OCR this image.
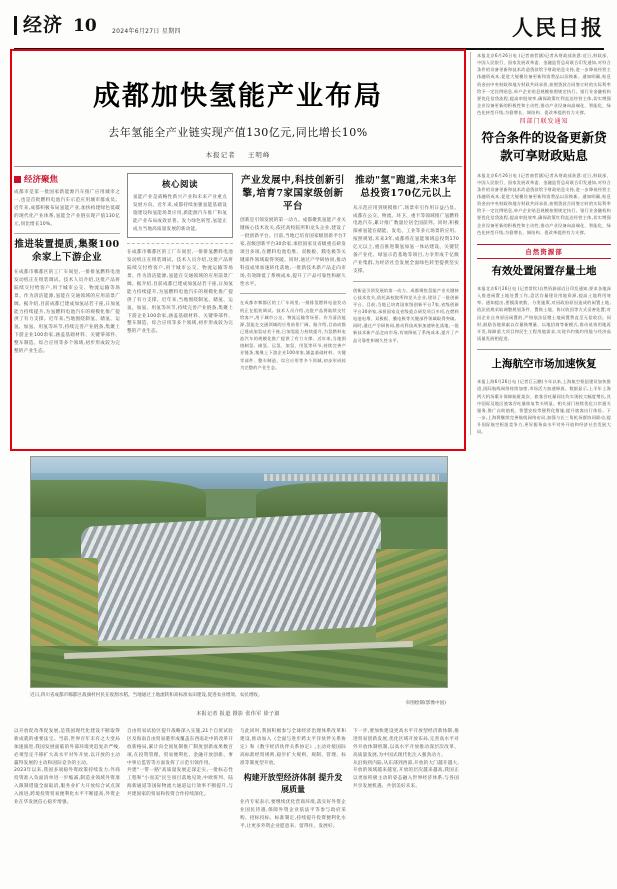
经济 10	2024年6月27日 星期四	人民日报
成都加快氢能产业布局
去年氢能全产业链实现产值130亿元,同比增长10%
本报记者 王明峰
经济聚焦
成都市是第一批国家新能源汽车推广应用城市之一,也是首批燃料电池汽车示范应用城市群成员。近年来,成都积极布局氢能产业,加快构建绿色低碳的现代化产业体系,氢能全产业链实现产值130亿元,同比增长10%。
推进装置提质,集聚100余家上下游企业
在成都市郫都区的工厂车间里,一排排氢燃料电池发动机正在组装调试。技术人员介绍,这批产品将陆续交付给客户,用于城市公交、物流运输等场景。作为清洁能源,氢能在交通领域的应用前景广阔。据介绍,目前成都已建成加氢站若干座,日加氢能力持续提升,为氢燃料电池汽车的规模化推广提供了有力支撑。近年来,当地围绕制氢、储氢、运氢、加氢、用氢等环节,持续完善产业链条,集聚上下游企业100余家,涵盖基础材料、关键零部件、整车制造、综合应用等多个领域,初步形成较为完整的产业生态。
核心阅读
氢能产业是战略性新兴产业和未来产业重点发展方向。近年来,成都持续加强氢能基础设施建设和氢能场景应用,新能源汽车推广和氢能产业布局成效显著。发力绿色转型,氢能正成为当地高质量发展的新动能。
在成都市郫都区的工厂车间里,一排排氢燃料电池发动机正在组装调试。技术人员介绍,这批产品将陆续交付给客户,用于城市公交、物流运输等场景。作为清洁能源,氢能在交通领域的应用前景广阔。据介绍,目前成都已建成加氢站若干座,日加氢能力持续提升,为氢燃料电池汽车的规模化推广提供了有力支撑。近年来,当地围绕制氢、储氢、运氢、加氢、用氢等环节,持续完善产业链条,集聚上下游企业100余家,涵盖基础材料、关键零部件、整车制造、综合应用等多个领域,初步形成较为完整的产业生态。
产业发展中,科技创新引擎,培育7家国家级创新平台
创新是引领发展的第一动力。成都聚焦氢能产业关键核心技术攻关,依托高校院所和龙头企业,建设了一批创新平台。目前,当地已培育国家级创新平台7家,省级创新平台30余家,承担国家及省级重点研发项目多项,在燃料电池电堆、双极板、膜电极等关键部件领域取得突破。同时,通过产学研协同,推动科技成果加速转化落地,一批新技术新产品走向市场,有效降低了系统成本,提升了产品可靠性和耐久性水平。
在成都市郫都区的工厂车间里,一排排氢燃料电池发动机正在组装调试。技术人员介绍,这批产品将陆续交付给客户,用于城市公交、物流运输等场景。作为清洁能源,氢能在交通领域的应用前景广阔。据介绍,目前成都已建成加氢站若干座,日加氢能力持续提升,为氢燃料电池汽车的规模化推广提供了有力支撑。近年来,当地围绕制氢、储氢、运氢、加氢、用氢等环节,持续完善产业链条,集聚上下游企业100余家,涵盖基础材料、关键零部件、整车制造、综合应用等多个领域,初步形成较为完整的产业生态。
推动"氢"跑道,未来3年总投资170亿元以上
从示范应用到规模推广,场景牵引作用日益凸显。成都在公交、物流、环卫、重卡等领域推广氢燃料电池汽车,累计推广数量位居全国前列。同时,积极探索氢能在储能、发电、工业等多元场景的应用。按照规划,未来3年,成都将在氢能领域总投资170亿元以上,重点推进制氢加氢一体站建设、关键装备产业化、绿氢示范基地等项目,力争形成千亿级产业集群,为经济社会发展全面绿色转型提供坚实支撑。
创新是引领发展的第一动力。成都聚焦氢能产业关键核心技术攻关,依托高校院所和龙头企业,建设了一批创新平台。目前,当地已培育国家级创新平台7家,省级创新平台30余家,承担国家及省级重点研发项目多项,在燃料电池电堆、双极板、膜电极等关键部件领域取得突破。同时,通过产学研协同,推动科技成果加速转化落地,一批新技术新产品走向市场,有效降低了系统成本,提升了产品可靠性和耐久性水平。
近日,四川省成都市郫都区战旗村村民在收割水稻。当地通过土地流转和高标准农田建设,促进农业增效、农民增收。
牵图绘制(影像中国)
本报记者 报道 摄影 张伟军 徐子淑
以开放促改革促发展,是我国现代化建设不断取得新成就的重要法宝。当前,世界百年未有之大变局加速演进,我国发展面临的外部环境更趋复杂严峻,必须坚定不移扩大高水平对外开放,以开放的主动赢得发展的主动和国际竞争的主动。
2023年以来,我国多项稳外资政策持续发力,外商投资准入负面清单进一步缩减,制造业领域外资准入限制措施全面取消,服务业扩大开放综合试点深入推进,跨境投资贸易便利化水平不断提高,外资企业在华发展信心稳步增强。
自由贸易试验区提升战略深入实施,21个自贸试验区及海南自由贸易港形成覆盖东西南北中的改革开放新格局,累计向全国复制推广制度创新成果数百项,在投资管理、贸易便利化、金融开放创新、事中事后监管等方面发挥了示范引领作用。
共建"一带一路"高质量发展走深走实,一批标志性工程和"小而美"民生项目落地见效,中欧班列、陆海新通道等国际物流大通道运行效率不断提升,与共建国家的贸易和投资合作持续深化。
与此同时,我国积极参与全球经济治理体系改革和建设,推动加入《全面与进步跨太平洋伙伴关系协定》和《数字经济伙伴关系协定》,主动对接国际高标准经贸规则,稳步扩大规则、规制、管理、标准等制度型开放。
构建开放型经济体制 提升发展质量
业内专家表示,要继续优化营商环境,落实好外资企业国民待遇,保障外资企业依法平等参与政府采购、招标投标、标准制定,持续提升投资便利化水平,让更多外资企业愿意来、留得住、发展好。
下一步,要加快建设更高水平开放型经济新体制,推进贸易创新发展,优化区域开放布局,完善高水平对外开放体制机制,以高水平开放推动深层次改革、高质量发展,为中国式现代化注入强劲动力。
从沿海到内陆,从东部到西部,开放的大门越开越大,开放的领域越来越宽,开放的层次越来越高,我国正以更加积极主动的姿态融入世界经济体系,与各国共享发展机遇、共创美好未来。
本报北京6月26日电 (记者曲哲涵)记者从财政部获悉:近日,财政部、中国人民银行、国家发展改革委、金融监管总局联合印发通知,对符合条件的设备更新和技术改造贷款给予财政贴息支持,进一步降低经营主体融资成本,促进大规模设备更新和消费品以旧换新。通知明确,贴息资金由中央财政和地方财政共同承担,按照贷款合同签订时的实际利率给予一定比例贴息,单户企业贴息规模按照规定执行。银行业金融机构要优化信贷流程,提高审批效率,确保政策红利直达经营主体,切实增强企业设备更新的积极性和主动性,推动产业设备向高端化、智能化、绿色化转型升级,为稳增长、调结构、促改革提供有力支撑。
四部门联发通知
符合条件的设备更新贷款可享财政贴息
本报北京6月26日电 (记者曲哲涵)记者从财政部获悉:近日,财政部、中国人民银行、国家发展改革委、金融监管总局联合印发通知,对符合条件的设备更新和技术改造贷款给予财政贴息支持,进一步降低经营主体融资成本,促进大规模设备更新和消费品以旧换新。通知明确,贴息资金由中央财政和地方财政共同承担,按照贷款合同签订时的实际利率给予一定比例贴息,单户企业贴息规模按照规定执行。银行业金融机构要优化信贷流程,提高审批效率,确保政策红利直达经营主体,切实增强企业设备更新的积极性和主动性,推动产业设备向高端化、智能化、绿色化转型升级,为稳增长、调结构、促改革提供有力支撑。
自然资源部
有效处置闲置存量土地
本报北京6月26日电 (记者常钦)自然资源部近日印发通知,要求各地深入推进闲置土地处置工作,盘活存量建设用地资源,提高土地利用效率。通知提出,要摸清底数、分类施策,对因政府原因造成的闲置土地,依法依规采取调整规划条件、置换土地、协议收回等方式妥善处置;对因企业自身原因闲置的,严格依法征缴土地闲置费直至无偿收回。同时,鼓励各地探索以存量换增量、以地招商等新模式,推动低效用地再开发,保障重大项目和民生工程用地需求,实现节约集约用地与经济高质量发展相促进。
上海航空市场加速恢复
本报上海6月26日电 (记者巨云鹏)今年以来,上海航空枢纽建设加快推进,国际航线网络持续加密,市场活力加速释放。数据显示,上半年上海两大机场累计保障航班架次、旅客吞吐量同比均实现较大幅度增长,其中国际及地区旅客吞吐量恢复势头明显。相关部门持续优化口岸通关服务,推广自助值机、智慧安检等便利化措施,提升旅客出行体验。下一步,上海将继续完善航线网络布局,加强与长三角机场群协同联动,提升国际航空枢纽竞争力,更好服务高水平对外开放和经济社会发展大局。
